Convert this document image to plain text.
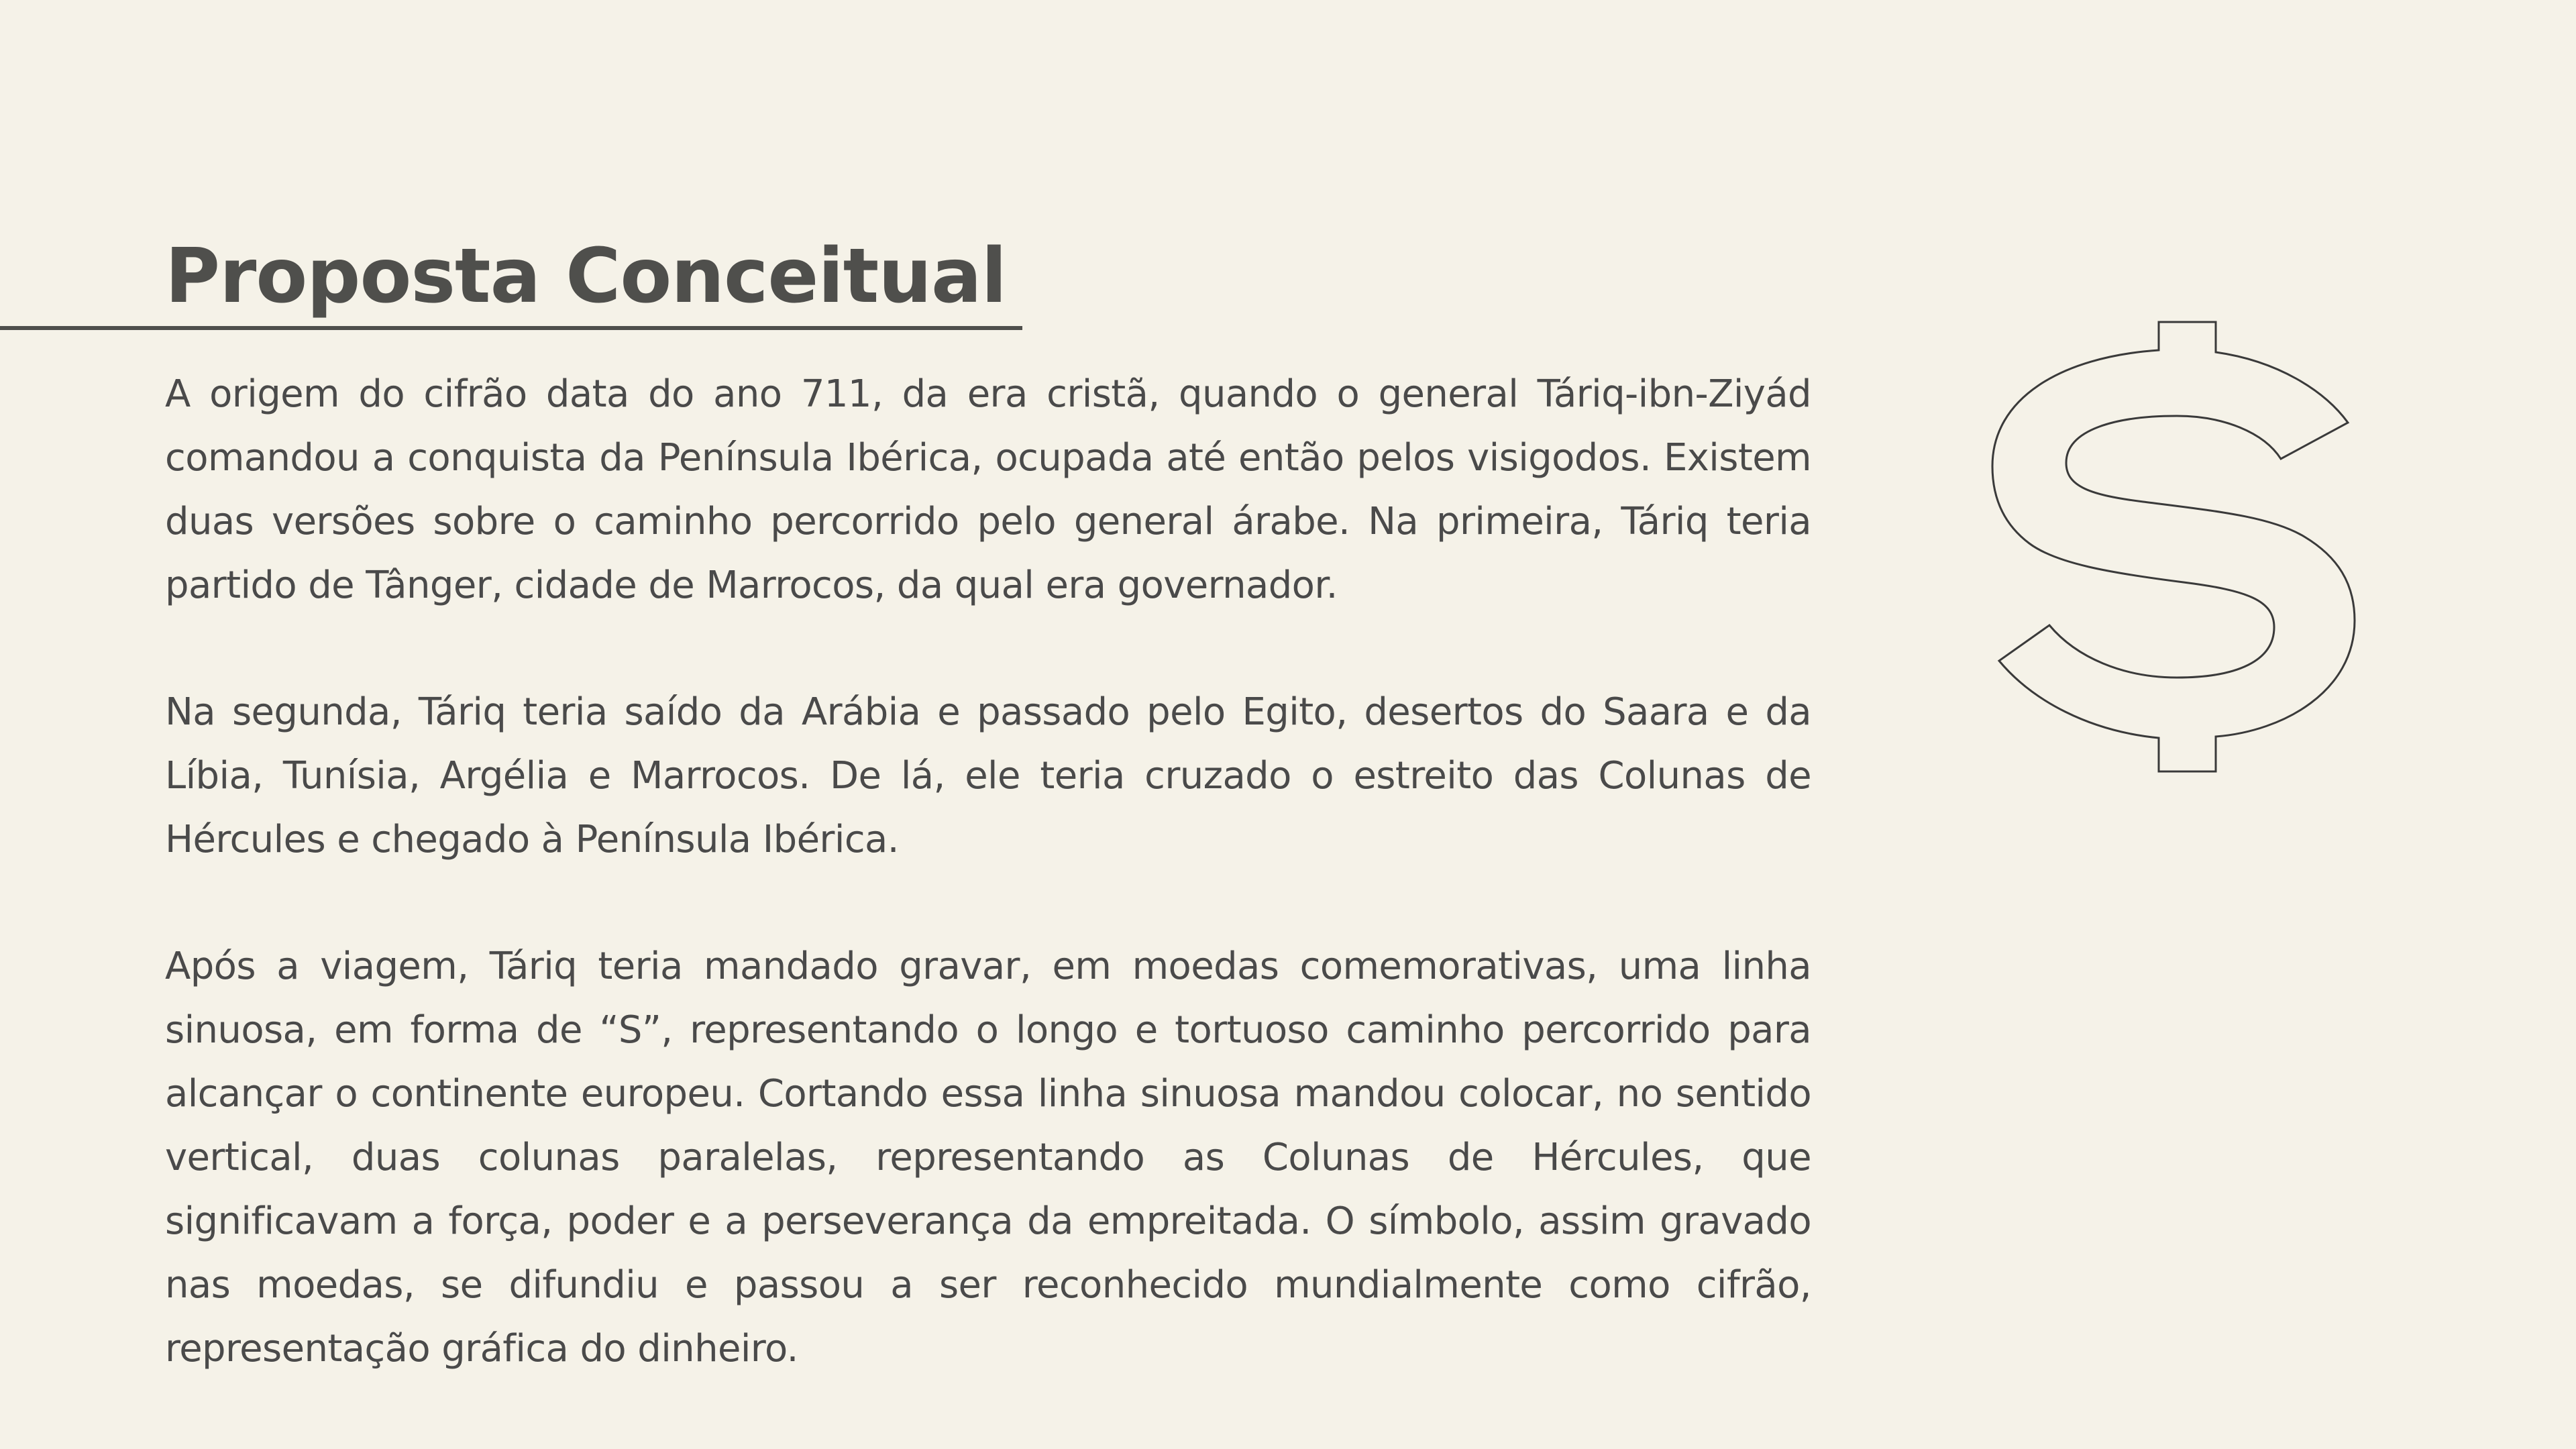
Proposta Conceitual

A origem do cifrão data do ano 711, da era cristã, quando o general Táriq-ibn-Ziyád comandou a conquista da Península Ibérica, ocupada até então pelos visigodos. Existem duas versões sobre o caminho percorrido pelo general árabe. Na primeira, Táriq teria partido de Tânger, cidade de Marrocos, da qual era governador.

Na segunda, Táriq teria saído da Arábia e passado pelo Egito, desertos do Saara e da Líbia, Tunísia, Argélia e Marrocos. De lá, ele teria cruzado o estreito das Colunas de Hércules e chegado à Península Ibérica.

Após a viagem, Táriq teria mandado gravar, em moedas comemorativas, uma linha sinuosa, em forma de “S”, representando o longo e tortuoso caminho percorrido para alcançar o continente europeu. Cortando essa linha sinuosa mandou colocar, no sentido vertical, duas colunas paralelas, representando as Colunas de Hércules, que significavam a força, poder e a perseverança da empreitada. O símbolo, assim gravado nas moedas, se difundiu e passou a ser reconhecido mundialmente como cifrão, representação gráfica do dinheiro.
